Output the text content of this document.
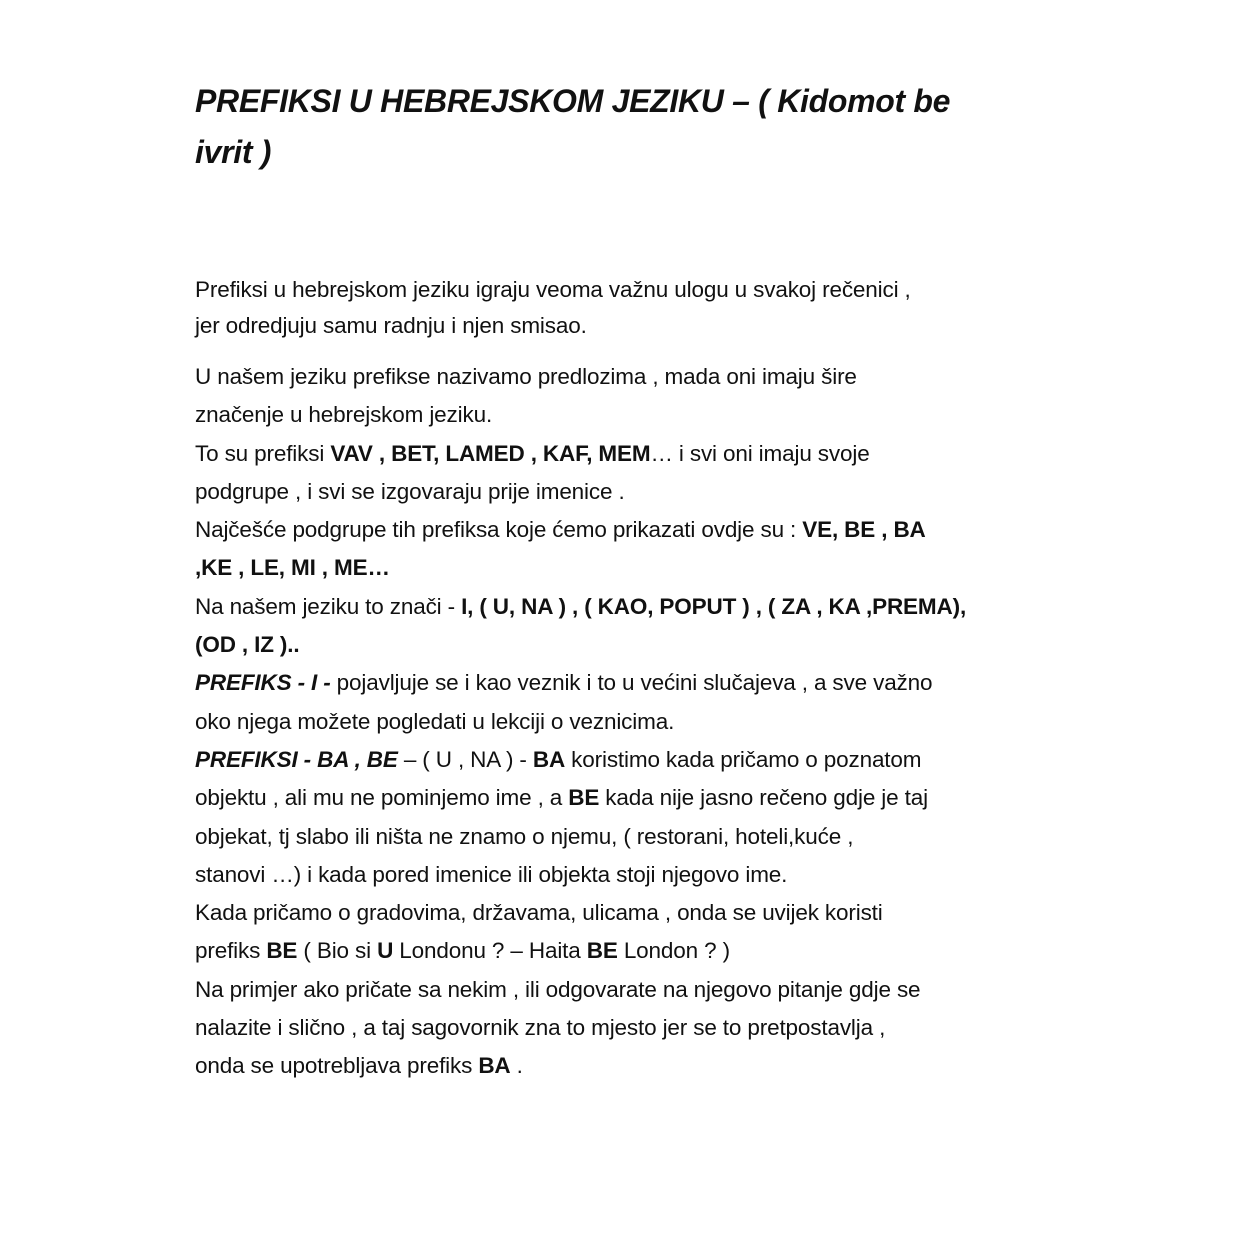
PREFIKSI U HEBREJSKOM JEZIKU – ( Kidomot be
ivrit )

Prefiksi u hebrejskom jeziku igraju veoma važnu ulogu u svakoj rečenici ,
jer odredjuju samu radnju i njen smisao.

U našem jeziku prefikse nazivamo predlozima , mada oni imaju šire
značenje u hebrejskom jeziku.

To su prefiksi VAV , BET, LAMED , KAF, MEM… i svi oni imaju svoje
podgrupe , i svi se izgovaraju prije imenice .

Najčešće podgrupe tih prefiksa koje ćemo prikazati ovdje su : VE, BE , BA
,KE , LE, MI , ME…

Na našem jeziku to znači - I, ( U, NA ) , ( KAO, POPUT ) , ( ZA , KA ,PREMA),
(OD , IZ )..

PREFIKS - I - pojavljuje se i kao veznik i to u većini slučajeva , a sve važno
oko njega možete pogledati u lekciji o veznicima.

PREFIKSI - BA , BE – ( U , NA ) - BA koristimo kada pričamo o poznatom
objektu , ali mu ne pominjemo ime , a BE kada nije jasno rečeno gdje je taj
objekat, tj slabo ili ništa ne znamo o njemu, ( restorani, hoteli,kuće ,
stanovi …) i kada pored imenice ili objekta stoji njegovo ime.

Kada pričamo o gradovima, državama, ulicama , onda se uvijek koristi
prefiks BE ( Bio si U Londonu ? – Haita BE London ? )

Na primjer ako pričate sa nekim , ili odgovarate na njegovo pitanje gdje se
nalazite i slično , a taj sagovornik zna to mjesto jer se to pretpostavlja ,
onda se upotrebljava prefiks BA .
